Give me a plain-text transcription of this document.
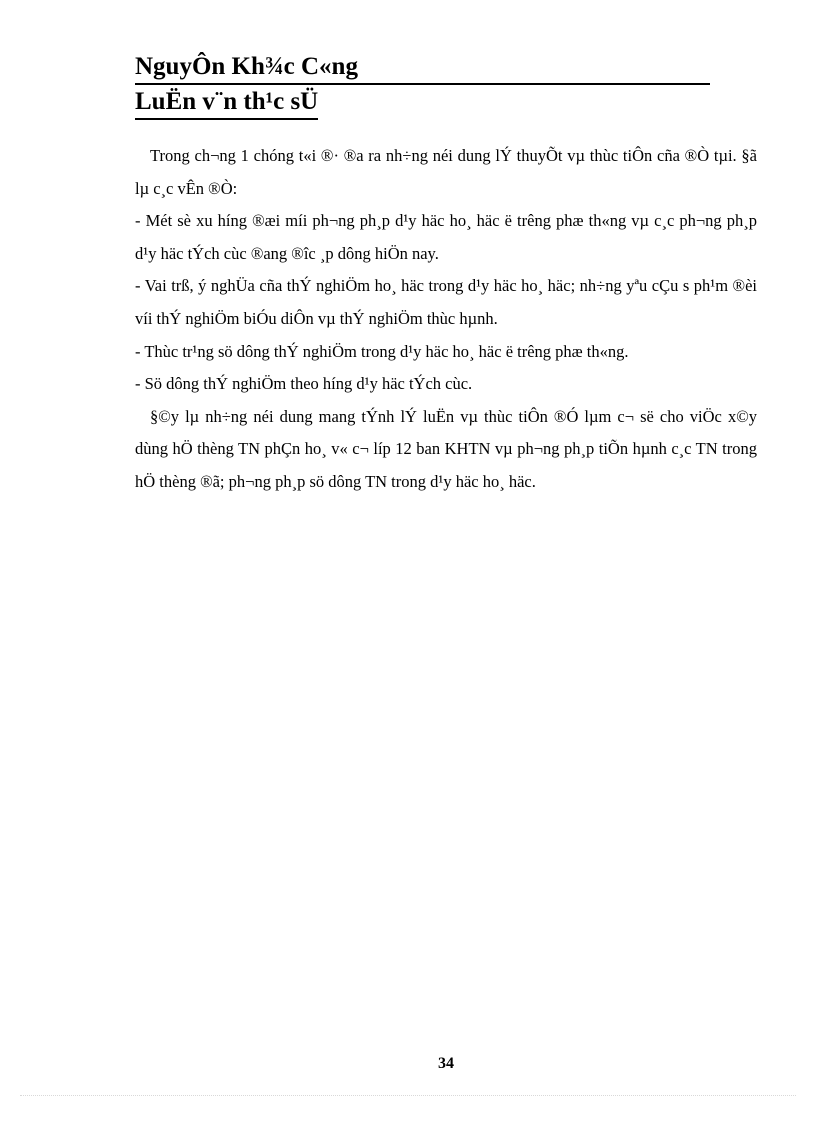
NguyÔn Kh¾c C«ng
LuËn v¨n th¹c sÜ

Trong ch¬ng 1 chóng t«i ®· ®a ra nh÷ng néi dung lÝ thuyÕt vµ thùc tiÔn cña ®Ò tµi. §ã lµ c¸c vÊn ®Ò:

- Mét sè xu híng ®æi míi ph¬ng ph¸p d¹y häc ho¸ häc ë trêng phæ th«ng vµ c¸c ph¬ng ph¸p d¹y häc tÝch cùc ®ang ®îc ¸p dông hiÖn nay.

- Vai trß, ý nghÜa cña thÝ nghiÖm ho¸ häc trong d¹y häc ho¸ häc; nh÷ng yªu cÇu s ph¹m ®èi víi thÝ nghiÖm biÓu diÔn vµ thÝ nghiÖm thùc hµnh.

- Thùc tr¹ng sö dông thÝ nghiÖm trong d¹y häc ho¸ häc ë trêng phæ th«ng.

- Sö dông thÝ nghiÖm theo híng d¹y häc tÝch cùc.

§©y lµ nh÷ng néi dung mang tÝnh lÝ luËn vµ thùc tiÔn ®Ó lµm c¬ së cho viÖc x©y dùng hÖ thèng TN phÇn ho¸ v« c¬ líp 12 ban KHTN vµ ph¬ng ph¸p tiÕn hµnh c¸c TN trong hÖ thèng ®ã; ph¬ng ph¸p sö dông TN trong d¹y häc ho¸ häc.

34
